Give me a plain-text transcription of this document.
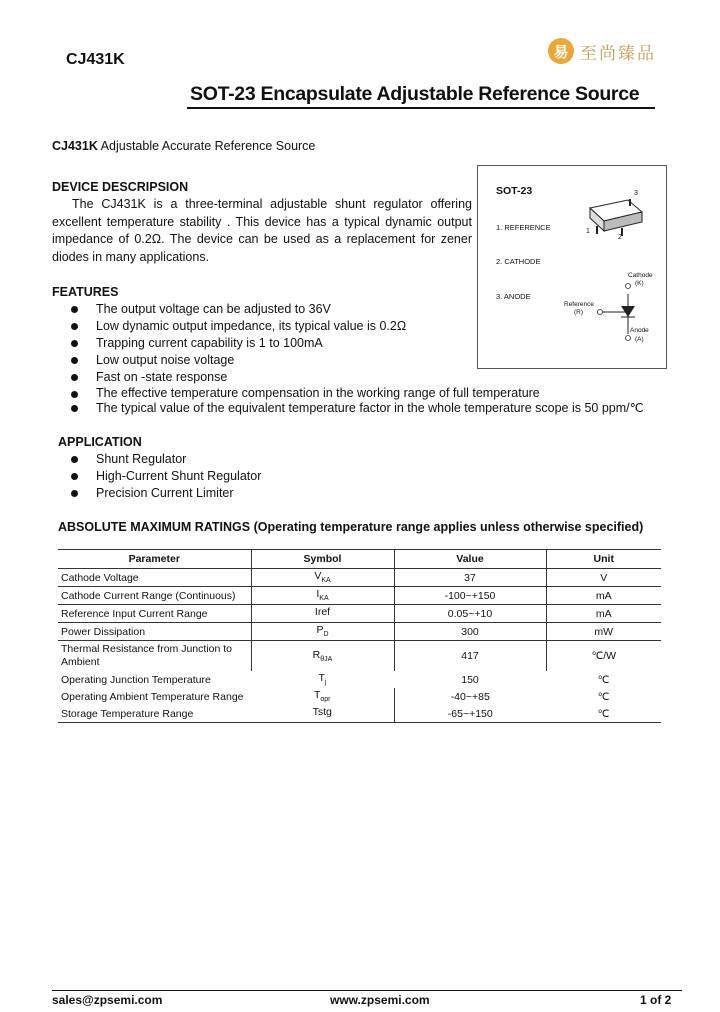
CJ431K	易 至尚臻品
SOT-23 Encapsulate Adjustable Reference Source
CJ431K Adjustable Accurate Reference Source
DEVICE DESCRIPSION
The CJ431K is a three-terminal adjustable shunt regulator offering excellent temperature stability . This device has a typical dynamic output impedance of 0.2Ω. The device can be used as a replacement for zener diodes in many applications.
FEATURES
The output voltage can be adjusted to 36V
Low dynamic output impedance, its typical value is 0.2Ω
Trapping current capability is 1 to 100mA
Low output noise voltage
Fast on -state response
The effective temperature compensation in the working range of full temperature
The typical value of the equivalent temperature factor in the whole temperature scope is 50 ppm/℃
APPLICATION
Shunt Regulator
High-Current Shunt Regulator
Precision Current Limiter
SOT-23
1. REFERENCE
2. CATHODE
3. ANODE
1
2
3
Cathode
(K)
Reference
(R)
Anode
(A)
ABSOLUTE MAXIMUM RATINGS (Operating temperature range applies unless otherwise specified)
Parameter	Symbol	Value	Unit
Cathode Voltage	$V_{KA}$	37	V
Cathode Current Range (Continuous)	$I_{KA}$	-100~+150	mA
Reference Input Current Range	Iref	0.05~+10	mA
Power Dissipation	$P_D$	300	mW
Thermal Resistance from Junction to Ambient	$R_{\theta JA}$	417	℃/W
Operating Junction Temperature	$T_j$	150	℃
Operating Ambient Temperature Range	$T_{opr}$	-40~+85	℃
Storage Temperature Range	Tstg	-65~+150	℃
sales@zpsemi.com	www.zpsemi.com	1 of 2
